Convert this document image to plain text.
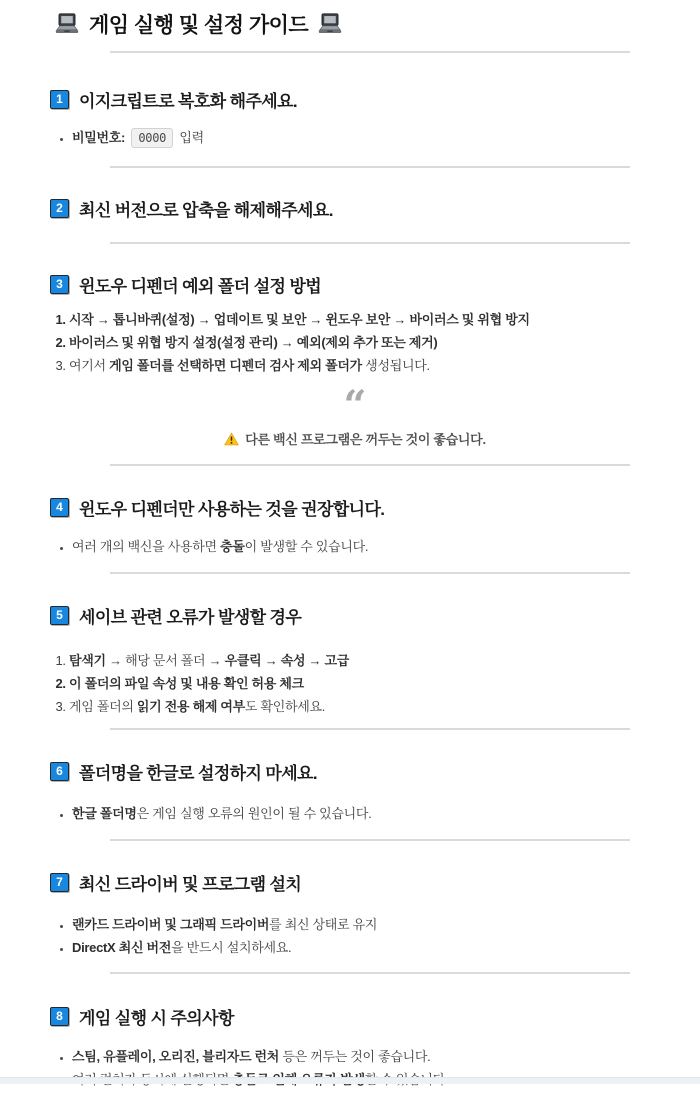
게임 실행 및 설정 가이드
1 이지크립트로 복호화 해주세요.
• 비밀번호: 0000 입력
2 최신 버전으로 압축을 해제해주세요.
3 윈도우 디펜더 예외 폴더 설정 방법
1. 시작 → 톱니바퀴(설정) → 업데이트 및 보안 → 윈도우 보안 → 바이러스 및 위협 방지
2. 바이러스 및 위협 방지 설정(설정 관리) → 예외(제외 추가 또는 제거)
3. 여기서 게임 폴더를 선택하면 디펜더 검사 제외 폴더가 생성됩니다.
“
다른 백신 프로그램은 꺼두는 것이 좋습니다.
4 윈도우 디펜더만 사용하는 것을 권장합니다.
• 여러 개의 백신을 사용하면 충돌이 발생할 수 있습니다.
5 세이브 관련 오류가 발생할 경우
1. 탐색기 → 해당 문서 폴더 → 우클릭 → 속성 → 고급
2. 이 폴더의 파일 속성 및 내용 확인 허용 체크
3. 게임 폴더의 읽기 전용 해제 여부도 확인하세요.
6 폴더명을 한글로 설정하지 마세요.
• 한글 폴더명은 게임 실행 오류의 원인이 될 수 있습니다.
7 최신 드라이버 및 프로그램 설치
• 랜카드 드라이버 및 그래픽 드라이버를 최신 상태로 유지
• DirectX 최신 버전을 반드시 설치하세요.
8 게임 실행 시 주의사항
• 스팀, 유플레이, 오리진, 블리자드 런처 등은 꺼두는 것이 좋습니다.
•
